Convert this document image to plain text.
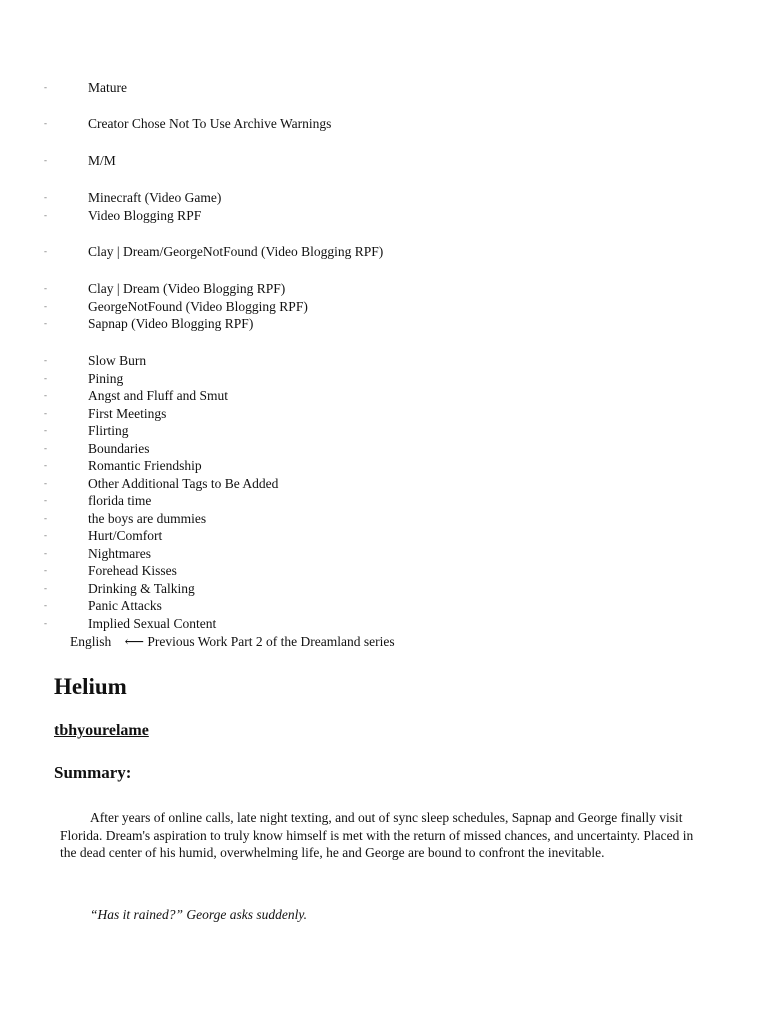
- Mature
- Creator Chose Not To Use Archive Warnings
- M/M
- Minecraft (Video Game)
- Video Blogging RPF
- Clay | Dream/GeorgeNotFound (Video Blogging RPF)
- Clay | Dream (Video Blogging RPF)
- GeorgeNotFound (Video Blogging RPF)
- Sapnap (Video Blogging RPF)
- Slow Burn
- Pining
- Angst and Fluff and Smut
- First Meetings
- Flirting
- Boundaries
- Romantic Friendship
- Other Additional Tags to Be Added
- florida time
- the boys are dummies
- Hurt/Comfort
- Nightmares
- Forehead Kisses
- Drinking & Talking
- Panic Attacks
- Implied Sexual Content
English ⟵ Previous Work Part 2 of the Dreamland series
Helium
tbhyourelame
Summary:

After years of online calls, late night texting, and out of sync sleep schedules, Sapnap and George finally visit Florida. Dream's aspiration to truly know himself is met with the return of missed chances, and uncertainty. Placed in the dead center of his humid, overwhelming life, he and George are bound to confront the inevitable.

“Has it rained?” George asks suddenly.
